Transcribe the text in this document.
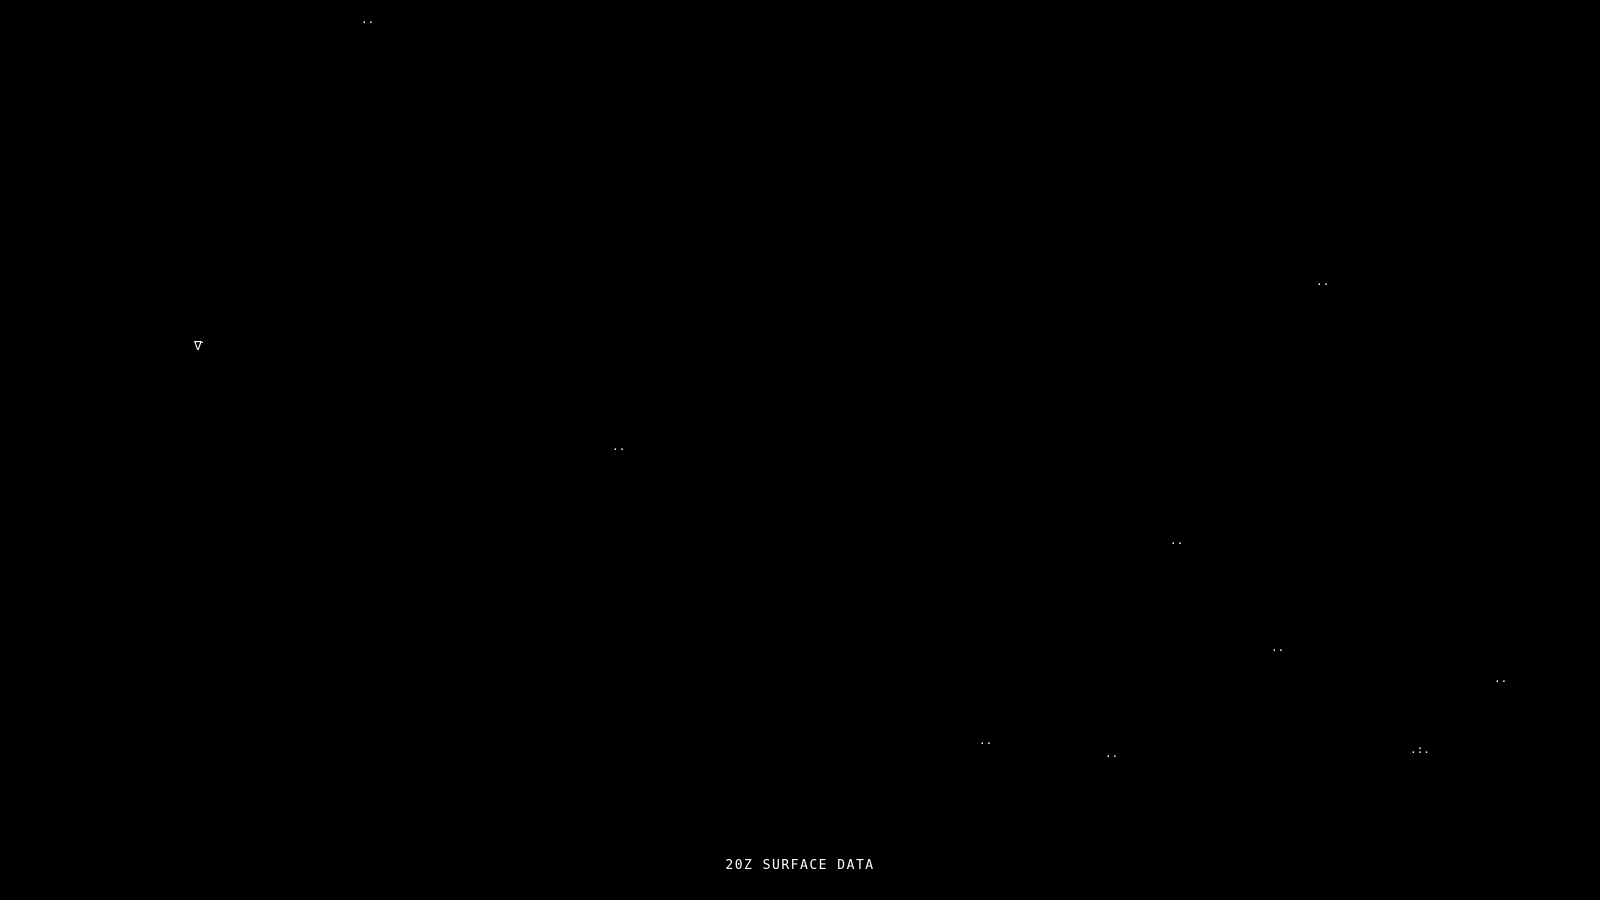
..
..
..
..
..
..
..
..	.:.
∇
20Z SURFACE DATA
